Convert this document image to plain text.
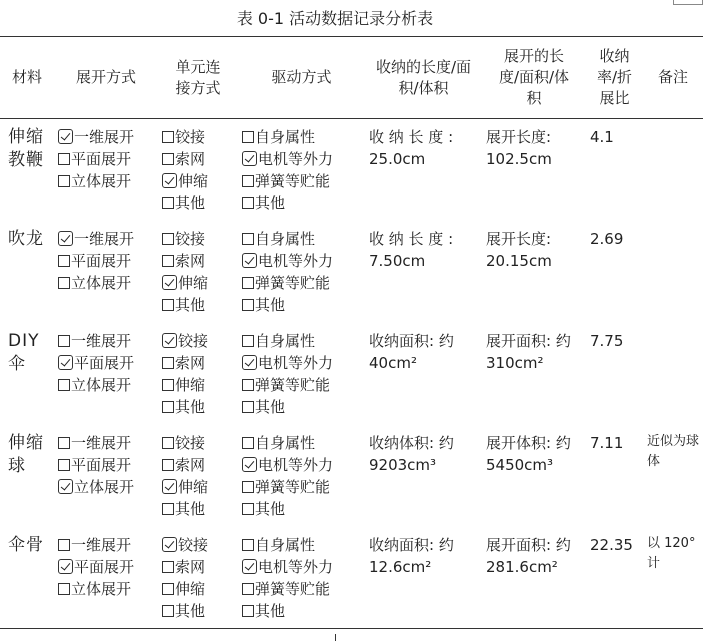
表 0-1 活动数据记录分析表
材料	展开方式	单元连接方式	驱动方式	收纳的长度/面积/体积	展开的长度/面积/体积	收纳率/折展比	备注
伸缩教鞭	一维展开
平面展开
立体展开	铰接
索网
伸缩
其他	自身属性
电机等外力
弹簧等贮能
其他	收 纳 长 度 : 25.0cm	展开长度: 102.5cm	4.1	
吹龙	一维展开
平面展开
立体展开	铰接
索网
伸缩
其他	自身属性
电机等外力
弹簧等贮能
其他	收 纳 长 度 : 7.50cm	展开长度: 20.15cm	2.69	
DIY伞	一维展开
平面展开
立体展开	铰接
索网
伸缩
其他	自身属性
电机等外力
弹簧等贮能
其他	收纳面积: 约 40cm²	展开面积: 约 310cm²	7.75	
伸缩球	一维展开
平面展开
立体展开	铰接
索网
伸缩
其他	自身属性
电机等外力
弹簧等贮能
其他	收纳体积: 约 9203cm³	展开体积: 约 5450cm³	7.11	近似为球体
伞骨	一维展开
平面展开
立体展开	铰接
索网
伸缩
其他	自身属性
电机等外力
弹簧等贮能
其他	收纳面积: 约 12.6cm²	展开面积: 约 281.6cm²	22.35	以 120°计
